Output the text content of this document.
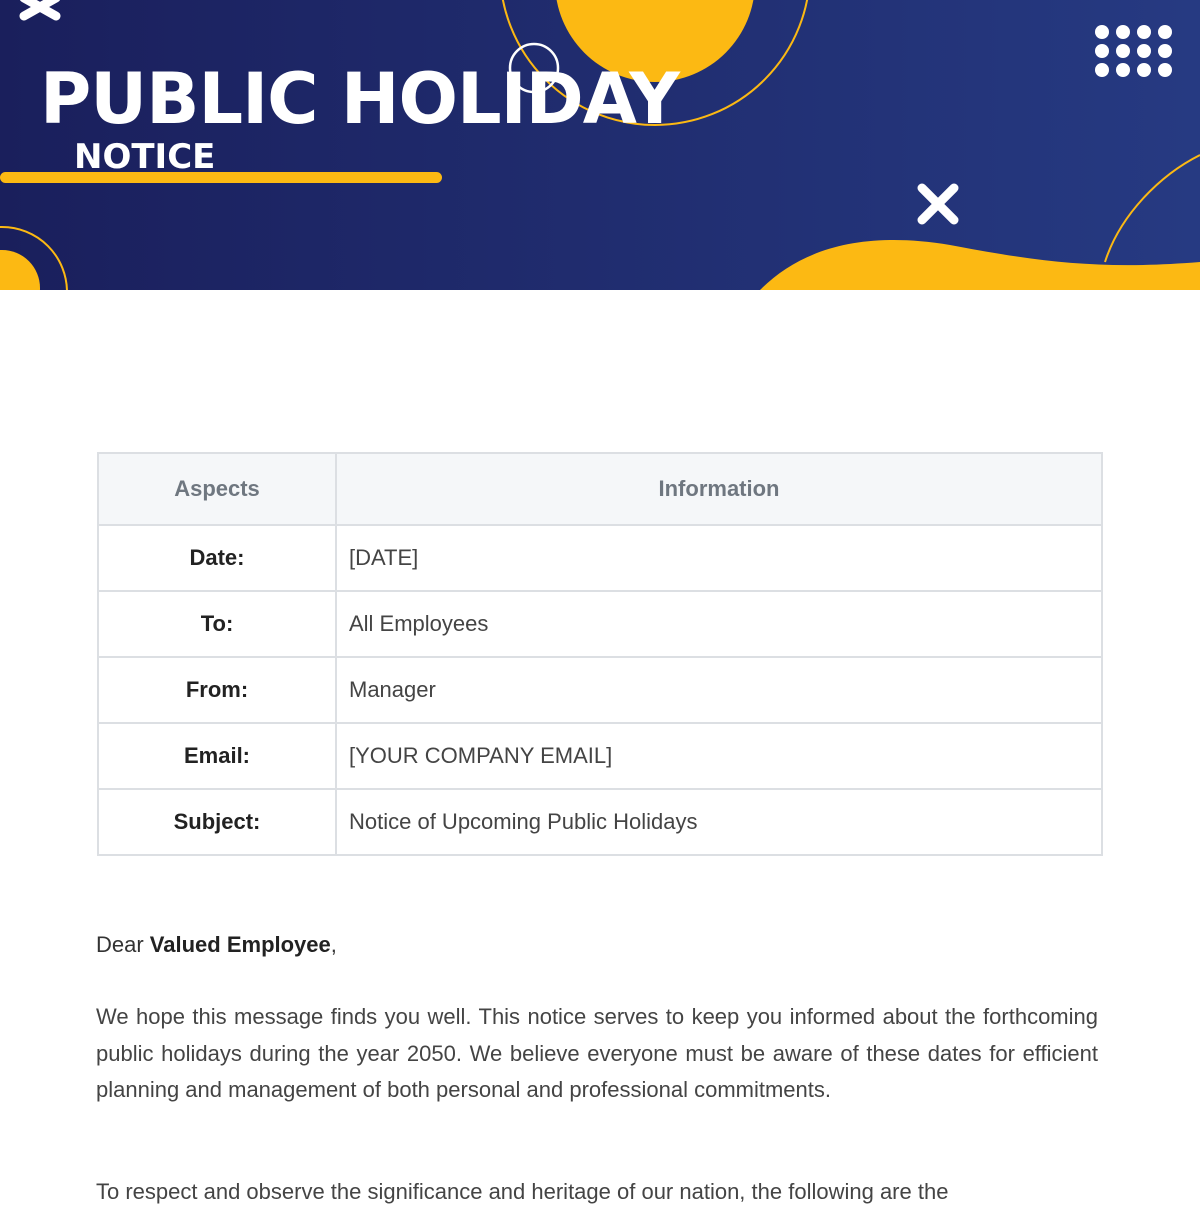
PUBLIC HOLIDAY
NOTICE
Aspects	Information
Date:	[DATE]
To:	All Employees
From:	Manager
Email:	[YOUR COMPANY EMAIL]
Subject:	Notice of Upcoming Public Holidays

Dear Valued Employee,

We hope this message finds you well. This notice serves to keep you informed about the forthcoming public holidays during the year 2050. We believe everyone must be aware of these dates for efficient planning and management of both personal and professional commitments.

To respect and observe the significance and heritage of our nation, the following are the
